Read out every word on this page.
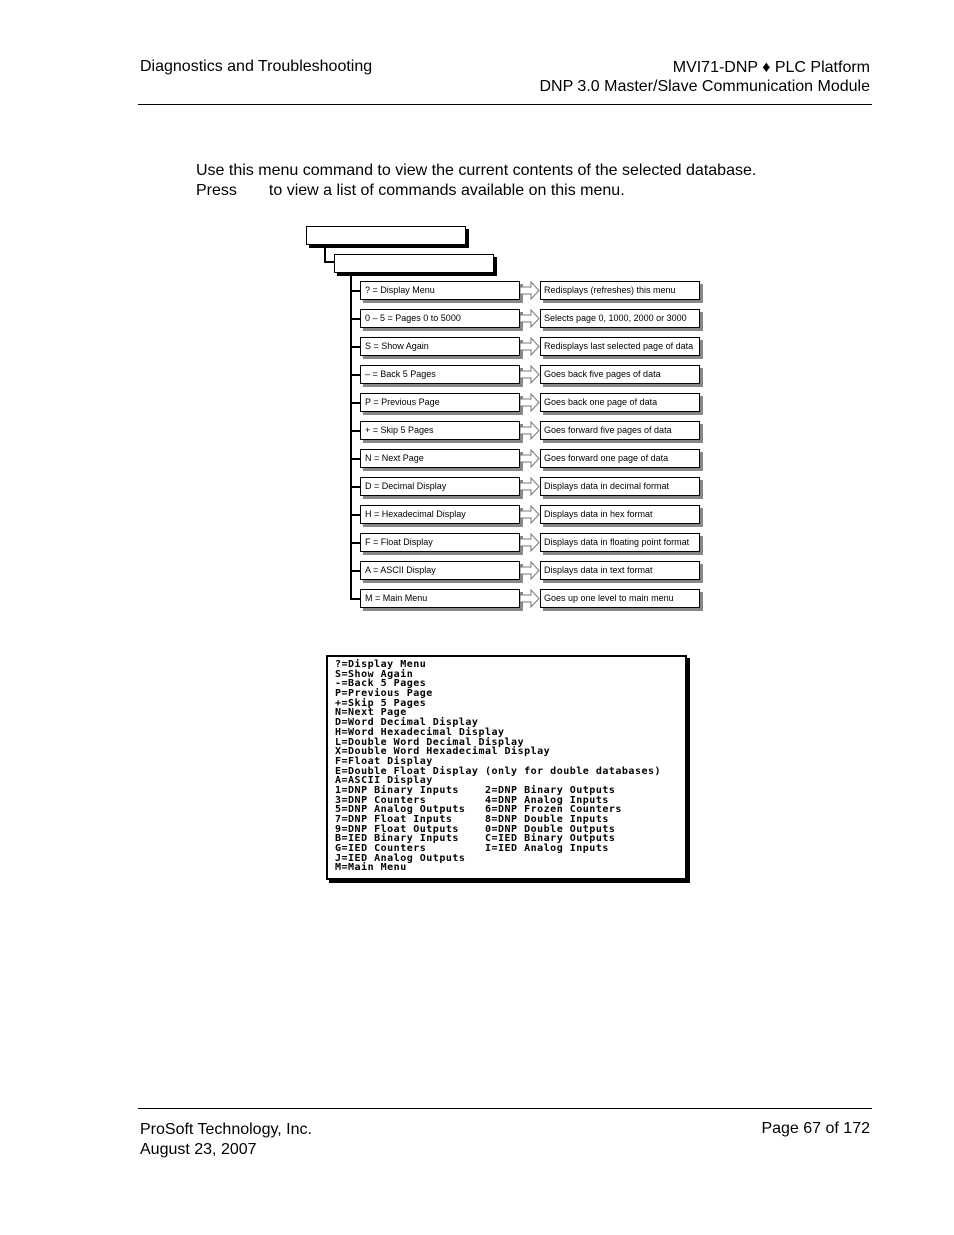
Diagnostics and Troubleshooting	MVI71-DNP ♦ PLC Platform
DNP 3.0 Master/Slave Communication Module
Use this menu command to view the current contents of the selected database.
Press to view a list of commands available on this menu.
? = Display Menu	Redisplays (refreshes) this menu
0 – 5 = Pages 0 to 5000	Selects page 0, 1000, 2000 or 3000
S = Show Again	Redisplays last selected page of data
– = Back 5 Pages	Goes back five pages of data
P = Previous Page	Goes back one page of data
+ = Skip 5 Pages	Goes forward five pages of data
N = Next Page	Goes forward one page of data
D = Decimal Display	Displays data in decimal format
H = Hexadecimal Display	Displays data in hex format
F = Float Display	Displays data in floating point format
A = ASCII Display	Displays data in text format
M = Main Menu	Goes up one level to main menu
?=Display Menu
S=Show Again
-=Back 5 Pages
P=Previous Page
+=Skip 5 Pages
N=Next Page
D=Word Decimal Display
H=Word Hexadecimal Display
L=Double Word Decimal Display
X=Double Word Hexadecimal Display
F=Float Display
E=Double Float Display (only for double databases)
A=ASCII Display
1=DNP Binary Inputs    2=DNP Binary Outputs
3=DNP Counters         4=DNP Analog Inputs
5=DNP Analog Outputs   6=DNP Frozen Counters
7=DNP Float Inputs     8=DNP Double Inputs
9=DNP Float Outputs    0=DNP Double Outputs
B=IED Binary Inputs    C=IED Binary Outputs
G=IED Counters         I=IED Analog Inputs
J=IED Analog Outputs
M=Main Menu
ProSoft Technology, Inc.
August 23, 2007
Page 67 of 172
